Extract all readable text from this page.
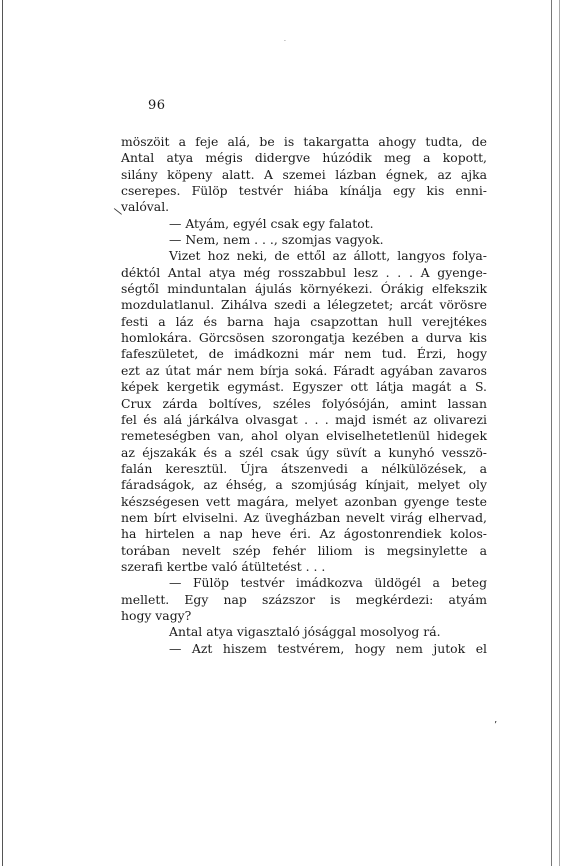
·
\
’
96
möszöit a feje alá, be is takargatta ahogy tudta, de
Antal atya mégis didergve húzódik meg a kopott,
silány köpeny alatt. A szemei lázban égnek, az ajka
cserepes. Fülöp testvér hiába kínálja egy kis enni-
valóval.
— Atyám, egyél csak egy falatot.
— Nem, nem . . ., szomjas vagyok.
Vizet hoz neki, de ettől az állott, langyos folya-
déktól Antal atya még rosszabbul lesz . . . A gyenge-
ségtől minduntalan ájulás környékezi. Órákig elfekszik
mozdulatlanul. Zihálva szedi a lélegzetet; arcát vörösre
festi a láz és barna haja csapzottan hull verejtékes
homlokára. Görcsösen szorongatja kezében a durva kis
fafeszületet, de imádkozni már nem tud. Érzi, hogy
ezt az útat már nem bírja soká. Fáradt agyában zavaros
képek kergetik egymást. Egyszer ott látja magát a S.
Crux zárda boltíves, széles folyósóján, amint lassan
fel és alá járkálva olvasgat . . . majd ismét az olivarezi
remeteségben van, ahol olyan elviselhetetlenül hidegek
az éjszakák és a szél csak úgy süvít a kunyhó vesszö-
falán keresztül. Újra átszenvedi a nélkülözések, a
fáradságok, az éhség, a szomjúság kínjait, melyet oly
készségesen vett magára, melyet azonban gyenge teste
nem bírt elviselni. Az üvegházban nevelt virág elhervad,
ha hirtelen a nap heve éri. Az ágostonrendiek kolos-
torában nevelt szép fehér liliom is megsinylette a
szerafi kertbe való átültetést . . .
— Fülöp testvér imádkozva üldögél a beteg
mellett. Egy nap százszor is megkérdezi: atyám
hogy vagy?
Antal atya vigasztaló jósággal mosolyog rá.
— Azt hiszem testvérem, hogy nem jutok el
